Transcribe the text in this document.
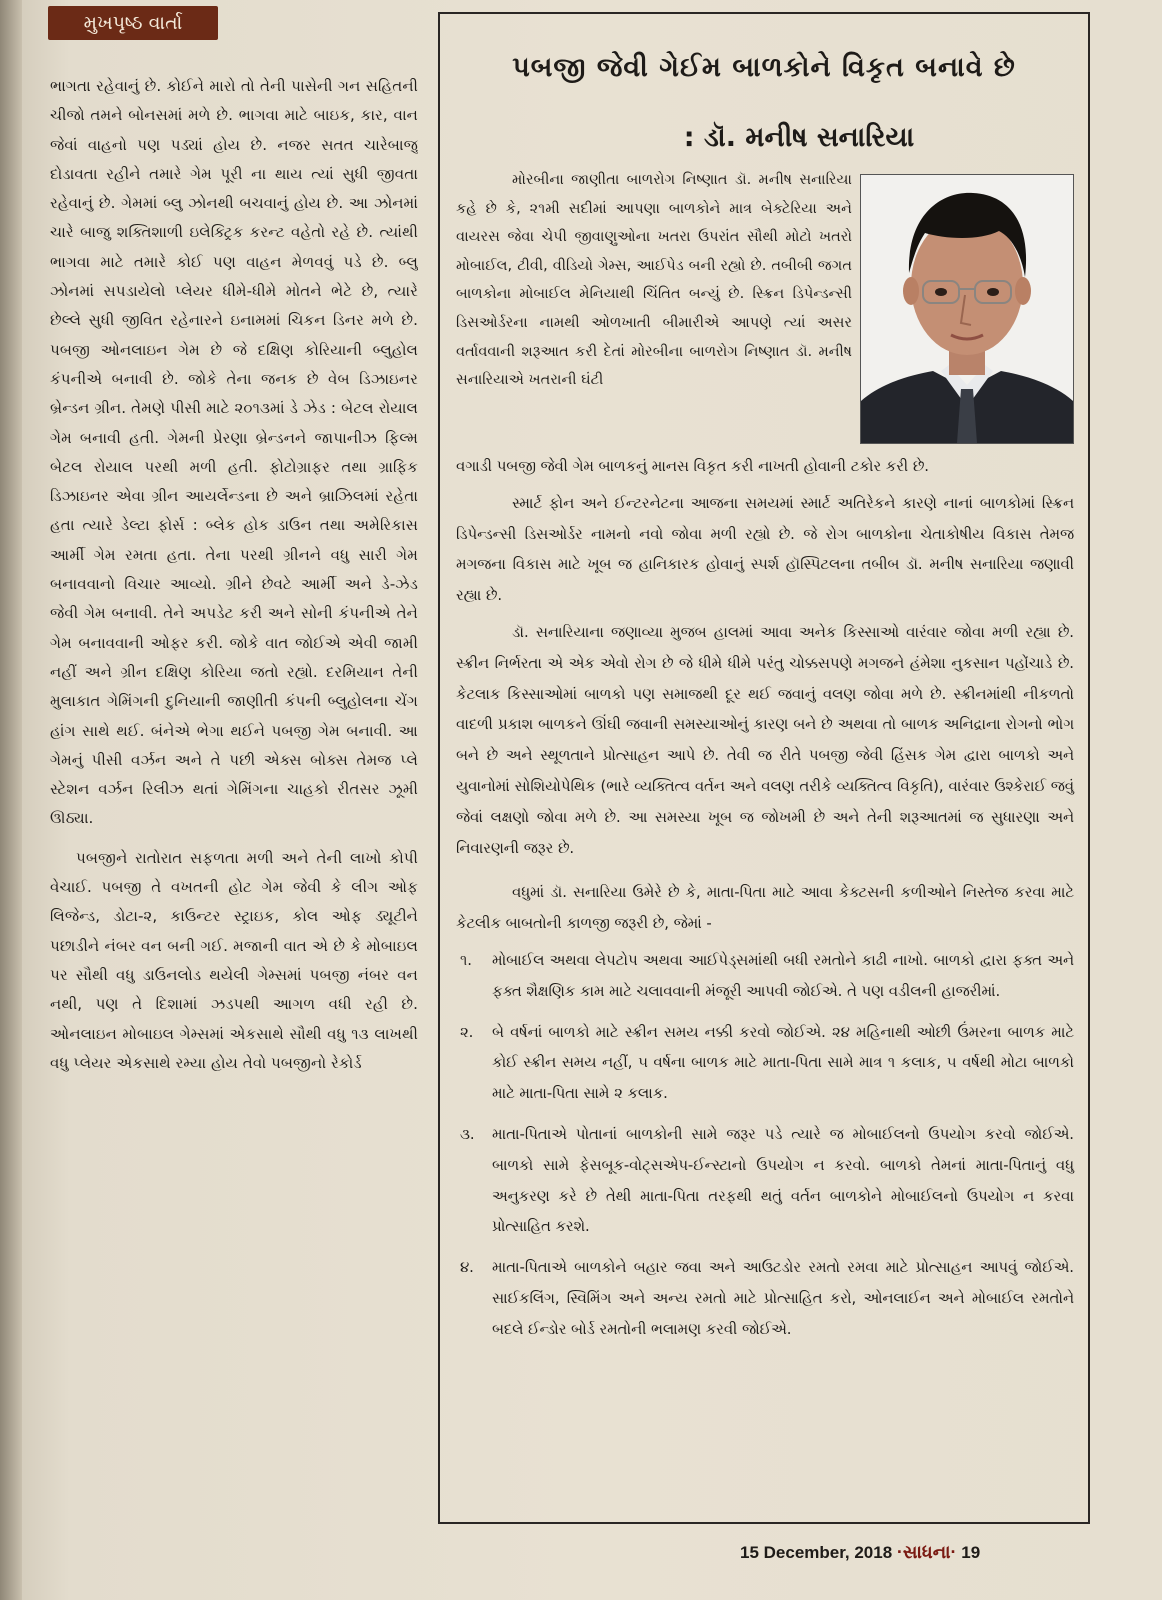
મુખપૃષ્ઠ વાર્તા

ભાગતા રહેવાનું છે. કોઈને મારો તો તેની પાસેની ગન સહિતની ચીજો તમને બોનસમાં મળે છે. ભાગવા માટે બાઇક, કાર, વાન જેવાં વાહનો પણ પડ્યાં હોય છે. નજર સતત ચારેબાજુ દોડાવતા રહીને તમારે ગેમ પૂરી ના થાય ત્યાં સુધી જીવતા રહેવાનું છે. ગેમમાં બ્લુ ઝોનથી બચવાનું હોય છે. આ ઝોનમાં ચારે બાજુ શક્તિશાળી ઇલેક્ટ્રિક કરન્ટ વહેતો રહે છે. ત્યાંથી ભાગવા માટે તમારે કોઈ પણ વાહન મેળવવું પડે છે. બ્લુ ઝોનમાં સપડાયેલો પ્લેયર ધીમે-ધીમે મોતને ભેટે છે, ત્યારે છેલ્લે સુધી જીવિત રહેનારને ઇનામમાં ચિકન ડિનર મળે છે. પબજી ઓનલાઇન ગેમ છે જે દક્ષિણ કોરિયાની બ્લુહોલ કંપનીએ બનાવી છે. જોકે તેના જનક છે વેબ ડિઝાઇનર બ્રેન્ડન ગ્રીન. તેમણે પીસી માટે ૨૦૧૩માં ડે ઝેડ : બેટલ રોયાલ ગેમ બનાવી હતી. ગેમની પ્રેરણા બ્રેન્ડનને જાપાનીઝ ફિલ્મ બેટલ રોયાલ પરથી મળી હતી. ફોટોગ્રાફર તથા ગ્રાફિક ડિઝાઇનર એવા ગ્રીન આયર્લેન્ડના છે અને બ્રાઝિલમાં રહેતા હતા ત્યારે ડેલ્ટા ફોર્સ : બ્લેક હોક ડાઉન તથા અમેરિકાસ આર્મી ગેમ રમતા હતા. તેના પરથી ગ્રીનને વધુ સારી ગેમ બનાવવાનો વિચાર આવ્યો. ગ્રીને છેવટે આર્મી અને ડે-ઝેડ જેવી ગેમ બનાવી. તેને અપડેટ કરી અને સોની કંપનીએ તેને ગેમ બનાવવાની ઓફર કરી. જોકે વાત જોઈએ એવી જામી નહીં અને ગ્રીન દક્ષિણ કોરિયા જતો રહ્યો. દરમિયાન તેની મુલાકાત ગેમિંગની દુનિયાની જાણીતી કંપની બ્લુહોલના ચેંગ હાંગ સાથે થઈ. બંનેએ ભેગા થઈને પબજી ગેમ બનાવી. આ ગેમનું પીસી વર્ઝન અને તે પછી એક્સ બોક્સ તેમજ પ્લે સ્ટેશન વર્ઝન રિલીઝ થતાં ગેમિંગના ચાહકો રીતસર ઝૂમી ઊઠ્યા.

પબજીને રાતોરાત સફળતા મળી અને તેની લાખો કોપી વેચાઈ. પબજી તે વખતની હોટ ગેમ જેવી કે લીગ ઓફ લિજેન્ડ, ડોટા-૨, કાઉન્ટર સ્ટ્રાઇક, કોલ ઓફ ડ્યૂટીને પછાડીને નંબર વન બની ગઈ. મજાની વાત એ છે કે મોબાઇલ પર સૌથી વધુ ડાઉનલોડ થયેલી ગેમ્સમાં પબજી નંબર વન નથી, પણ તે દિશામાં ઝડપથી આગળ વધી રહી છે. ઓનલાઇન મોબાઇલ ગેમ્સમાં એકસાથે સૌથી વધુ ૧૩ લાખથી વધુ પ્લેયર એકસાથે રમ્યા હોય તેવો પબજીનો રેકોર્ડ

પબજી જેવી ગેઈમ બાળકોને વિકૃત બનાવે છે
: ડૉ. મનીષ સનારિયા

મોરબીના જાણીતા બાળરોગ નિષ્ણાત ડૉ. મનીષ સનારિયા કહે છે કે, ૨૧મી સદીમાં આપણા બાળકોને માત્ર બેક્ટેરિયા અને વાયરસ જેવા ચેપી જીવાણુઓના ખતરા ઉપરાંત સૌથી મોટો ખતરો મોબાઈલ, ટીવી, વીડિયો ગેમ્સ, આઈપેડ બની રહ્યો છે. તબીબી જગત બાળકોના મોબાઈલ મેનિયાથી ચિંતિત બન્યું છે. સ્ક્રિન ડિપેન્ડન્સી ડિસઓર્ડરના નામથી ઓળખાતી બીમારીએ આપણે ત્યાં અસર વર્તાવવાની શરૂઆત કરી દેતાં મોરબીના બાળરોગ નિષ્ણાત ડૉ. મનીષ સનારિયાએ ખતરાની ઘંટી

વગાડી પબજી જેવી ગેમ બાળકનું માનસ વિકૃત કરી નાખતી હોવાની ટકોર કરી છે.

સ્માર્ટ ફોન અને ઈન્ટરનેટના આજના સમયમાં સ્માર્ટ અતિરેકને કારણે નાનાં બાળકોમાં સ્ક્રિન ડિપેન્ડન્સી ડિસઓર્ડર નામનો નવો જોવા મળી રહ્યો છે. જે રોગ બાળકોના ચેતાકોષીય વિકાસ તેમજ મગજના વિકાસ માટે ખૂબ જ હાનિકારક હોવાનું સ્પર્શ હૉસ્પિટલના તબીબ ડૉ. મનીષ સનારિયા જણાવી રહ્યા છે.

ડૉ. સનારિયાના જણાવ્યા મુજબ હાલમાં આવા અનેક કિસ્સાઓ વારંવાર જોવા મળી રહ્યા છે. સ્ક્રીન નિર્ભરતા એ એક એવો રોગ છે જે ધીમે ધીમે પરંતુ ચોક્કસપણે મગજને હંમેશા નુકસાન પહોંચાડે છે. કેટલાક કિસ્સાઓમાં બાળકો પણ સમાજથી દૂર થઈ જવાનું વલણ જોવા મળે છે. સ્ક્રીનમાંથી નીકળતો વાદળી પ્રકાશ બાળકને ઊંઘી જવાની સમસ્યાઓનું કારણ બને છે અથવા તો બાળક અનિદ્રાના રોગનો ભોગ બને છે અને સ્થૂળતાને પ્રોત્સાહન આપે છે. તેવી જ રીતે પબજી જેવી હિંસક ગેમ દ્વારા બાળકો અને યુવાનોમાં સોશિયોપેથિક (ભારે વ્યક્તિત્વ વર્તન અને વલણ તરીકે વ્યક્તિત્વ વિકૃતિ), વારંવાર ઉશ્કેરાઈ જવું જેવાં લક્ષણો જોવા મળે છે. આ સમસ્યા ખૂબ જ જોખમી છે અને તેની શરૂઆતમાં જ સુધારણા અને નિવારણની જરૂર છે.

વધુમાં ડૉ. સનારિયા ઉમેરે છે કે, માતા-પિતા માટે આવા કેક્ટસની કળીઓને નિસ્તેજ કરવા માટે કેટલીક બાબતોની કાળજી જરૂરી છે, જેમાં -

૧. મોબાઈલ અથવા લેપટોપ અથવા આઈપેડ્સમાંથી બધી રમતોને કાઢી નાખો. બાળકો દ્વારા ફક્ત અને ફક્ત શૈક્ષણિક કામ માટે ચલાવવાની મંજૂરી આપવી જોઈએ. તે પણ વડીલની હાજરીમાં.
૨. બે વર્ષનાં બાળકો માટે સ્ક્રીન સમય નક્કી કરવો જોઈએ. ૨૪ મહિનાથી ઓછી ઉંમરના બાળક માટે કોઈ સ્ક્રીન સમય નહીં, ૫ વર્ષના બાળક માટે માતા-પિતા સામે માત્ર ૧ કલાક, ૫ વર્ષથી મોટા બાળકો માટે માતા-પિતા સામે ૨ કલાક.
૩. માતા-પિતાએ પોતાનાં બાળકોની સામે જરૂર પડે ત્યારે જ મોબાઈલનો ઉપયોગ કરવો જોઈએ. બાળકો સામે ફેસબૂક-વોટ્સએપ-ઈન્સ્ટાનો ઉપયોગ ન કરવો. બાળકો તેમનાં માતા-પિતાનું વધુ અનુકરણ કરે છે તેથી માતા-પિતા તરફથી થતું વર્તન બાળકોને મોબાઈલનો ઉપયોગ ન કરવા પ્રોત્સાહિત કરશે.
૪. માતા-પિતાએ બાળકોને બહાર જવા અને આઉટડોર રમતો રમવા માટે પ્રોત્સાહન આપવું જોઈએ. સાઈકલિંગ, સ્વિમિંગ અને અન્ય રમતો માટે પ્રોત્સાહિત કરો, ઓનલાઈન અને મોબાઈલ રમતોને બદલે ઈન્ડોર બોર્ડ રમતોની ભલામણ કરવી જોઈએ.
15 December, 2018 ·સાધના· 19
